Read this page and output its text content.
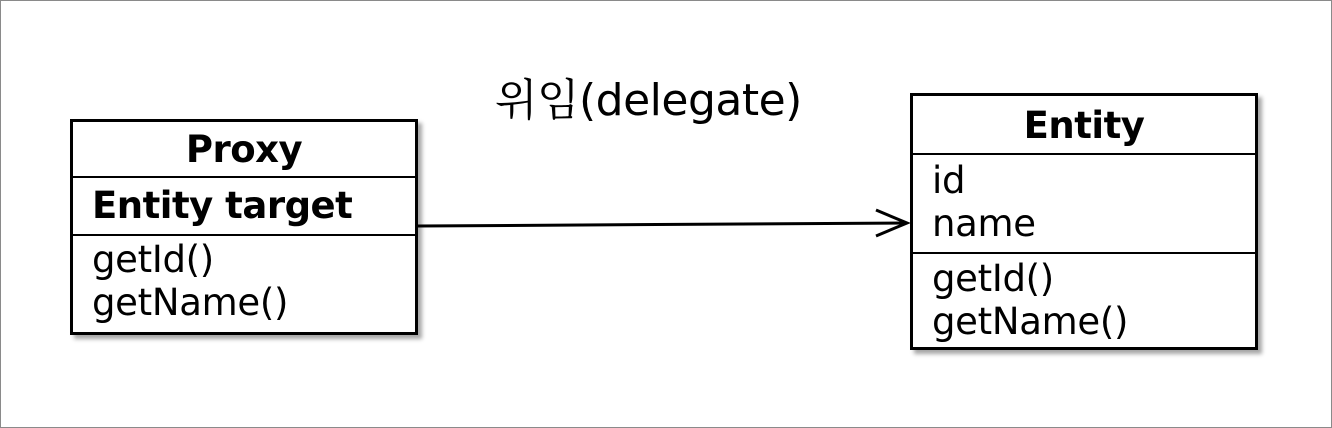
위임(delegate)
Proxy
Entity target
getId()
getName()
Entity
id
name
getId()
getName()
